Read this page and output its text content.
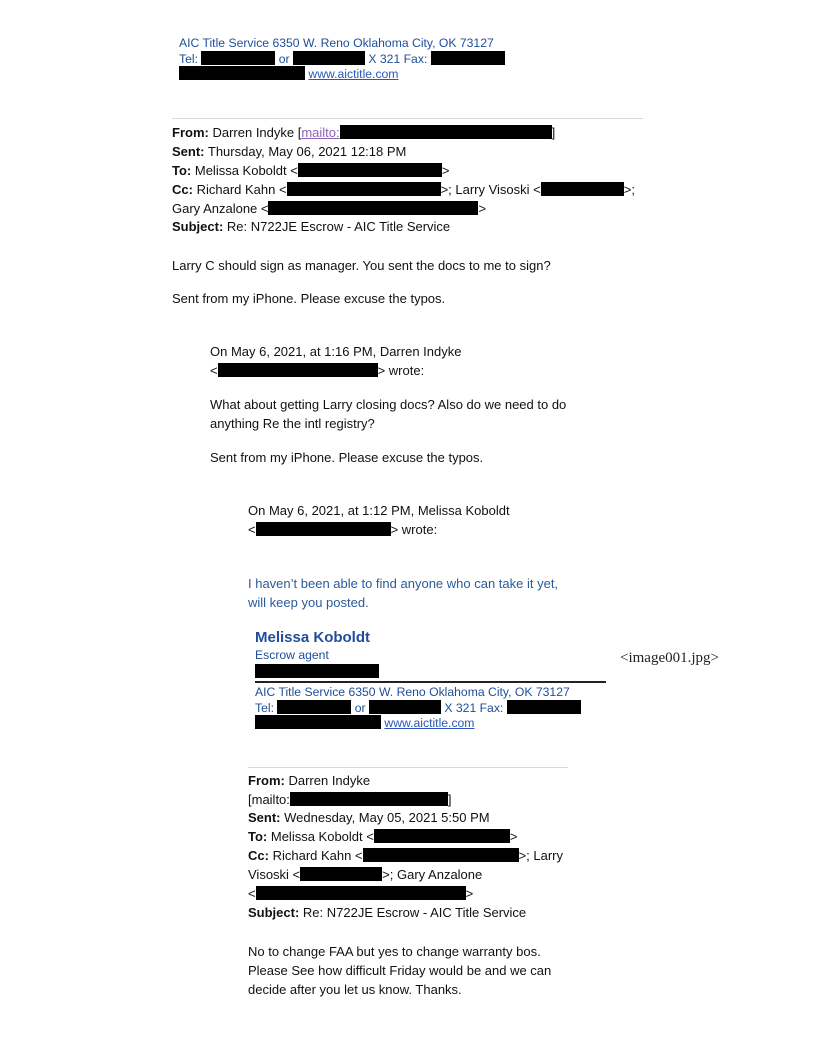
AIC Title Service 6350 W. Reno Oklahoma City, OK 73127
Tel:	or	X 321 Fax:
www.aictitle.com
From: Darren Indyke [mailto:	]
Sent: Thursday, May 06, 2021 12:18 PM
To: Melissa Koboldt <	>
Cc: Richard Kahn <	>; Larry Visoski <	>;
Gary Anzalone <	>
Subject: Re: N722JE Escrow - AIC Title Service
Larry C should sign as manager. You sent the docs to me to sign?
Sent from my iPhone. Please excuse the typos.
On May 6, 2021, at 1:16 PM, Darren Indyke
<	> wrote:
What about getting Larry closing docs? Also do we need to do
anything Re the intl registry?
Sent from my iPhone. Please excuse the typos.
On May 6, 2021, at 1:12 PM, Melissa Koboldt
<	> wrote:
I haven’t been able to find anyone who can take it yet,
will keep you posted.
Melissa Koboldt
Escrow agent	<image001.jpg>
AIC Title Service 6350 W. Reno Oklahoma City, OK 73127
Tel:	or	X 321 Fax:
www.aictitle.com
From: Darren Indyke
[mailto:	]
Sent: Wednesday, May 05, 2021 5:50 PM
To: Melissa Koboldt <	>
Cc: Richard Kahn <	>; Larry
Visoski <	>; Gary Anzalone
<	>
Subject: Re: N722JE Escrow - AIC Title Service
No to change FAA but yes to change warranty bos.
Please See how difficult Friday would be and we can
decide after you let us know. Thanks.
